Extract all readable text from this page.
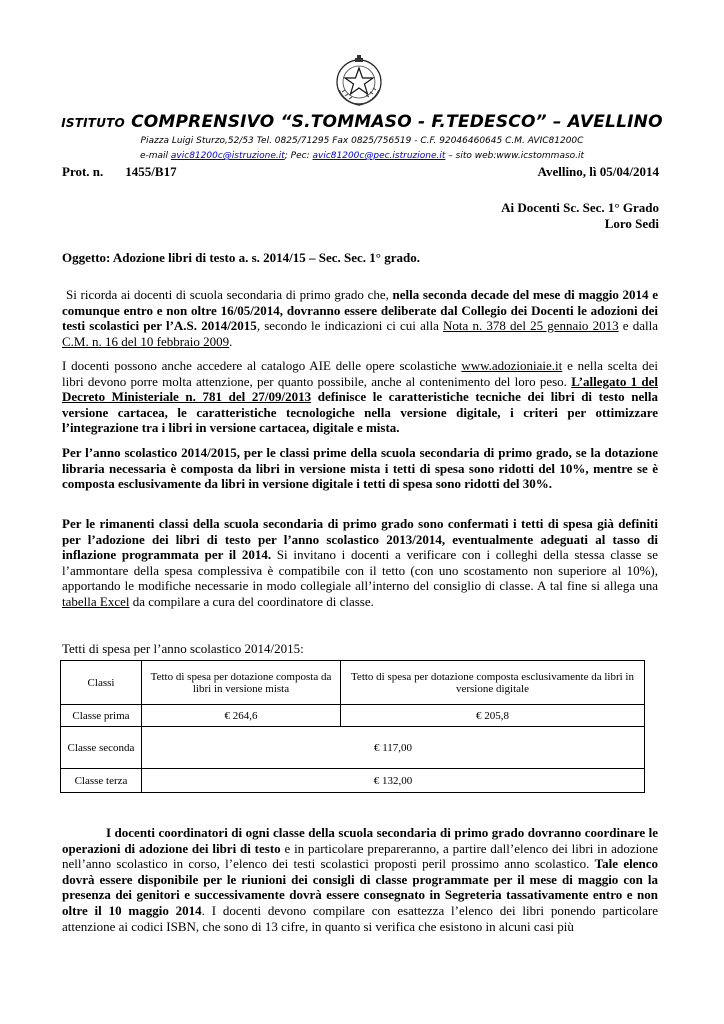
ISTITUTO COMPRENSIVO “S.TOMMASO - F.TEDESCO” – AVELLINO
Piazza Luigi Sturzo,52/53 Tel. 0825/71295 Fax 0825/756519 - C.F. 92046460645 C.M. AVIC81200C
e-mail avic81200c@istruzione.it; Pec: avic81200c@pec.istruzione.it – sito web:www.icstommaso.it
Prot. n. 1455/B17	Avellino, lì 05/04/2014
Ai Docenti Sc. Sec. 1° Grado
Loro Sedi
Oggetto: Adozione libri di testo a. s. 2014/15 – Sec. Sec. 1° grado.
Si ricorda ai docenti di scuola secondaria di primo grado che, nella seconda decade del mese di maggio 2014 e comunque entro e non oltre 16/05/2014, dovranno essere deliberate dal Collegio dei Docenti le adozioni dei testi scolastici per l’A.S. 2014/2015, secondo le indicazioni ci cui alla Nota n. 378 del 25 gennaio 2013 e dalla C.M. n. 16 del 10 febbraio 2009.
I docenti possono anche accedere al catalogo AIE delle opere scolastiche www.adozioniaie.it e nella scelta dei libri devono porre molta attenzione, per quanto possibile, anche al contenimento del loro peso. L’allegato 1 del Decreto Ministeriale n. 781 del 27/09/2013 definisce le caratteristiche tecniche dei libri di testo nella versione cartacea, le caratteristiche tecnologiche nella versione digitale, i criteri per ottimizzare l’integrazione tra i libri in versione cartacea, digitale e mista.
Per l’anno scolastico 2014/2015, per le classi prime della scuola secondaria di primo grado, se la dotazione libraria necessaria è composta da libri in versione mista i tetti di spesa sono ridotti del 10%, mentre se è composta esclusivamente da libri in versione digitale i tetti di spesa sono ridotti del 30%.
Per le rimanenti classi della scuola secondaria di primo grado sono confermati i tetti di spesa già definiti per l’adozione dei libri di testo per l’anno scolastico 2013/2014, eventualmente adeguati al tasso di inflazione programmata per il 2014. Si invitano i docenti a verificare con i colleghi della stessa classe se l’ammontare della spesa complessiva è compatibile con il tetto (con uno scostamento non superiore al 10%), apportando le modifiche necessarie in modo collegiale all’interno del consiglio di classe. A tal fine si allega una tabella Excel da compilare a cura del coordinatore di classe.
Tetti di spesa per l’anno scolastico 2014/2015:
Classi	Tetto di spesa per dotazione composta da libri in versione mista	Tetto di spesa per dotazione composta esclusivamente da libri in versione digitale
Classe prima	€ 264,6	€ 205,8
Classe seconda	€ 117,00	
Classe terza	€ 132,00	
I docenti coordinatori di ogni classe della scuola secondaria di primo grado dovranno coordinare le operazioni di adozione dei libri di testo e in particolare prepareranno, a partire dall’elenco dei libri in adozione nell’anno scolastico in corso, l’elenco dei testi scolastici proposti peril prossimo anno scolastico. Tale elenco dovrà essere disponibile per le riunioni dei consigli di classe programmate per il mese di maggio con la presenza dei genitori e successivamente dovrà essere consegnato in Segreteria tassativamente entro e non oltre il 10 maggio 2014. I docenti devono compilare con esattezza l’elenco dei libri ponendo particolare attenzione ai codici ISBN, che sono di 13 cifre, in quanto si verifica che esistono in alcuni casi più
